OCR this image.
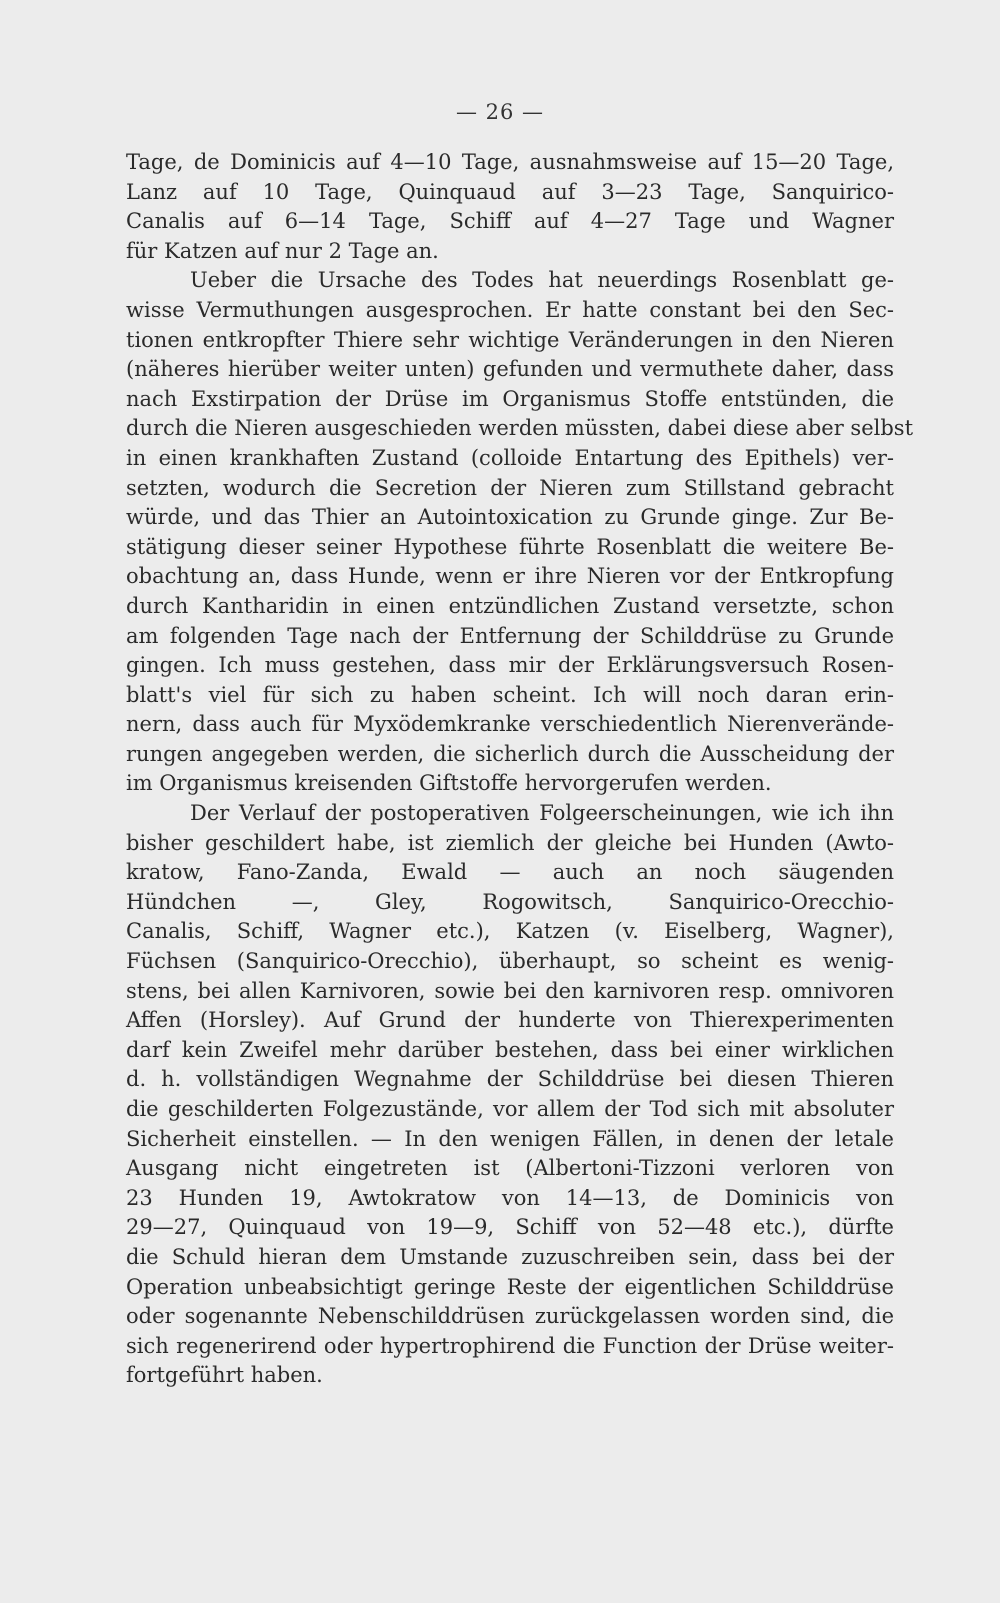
— 26 —
Tage, de Dominicis auf 4—10 Tage, ausnahmsweise auf 15—20 Tage,
Lanz auf 10 Tage, Quinquaud auf 3—23 Tage, Sanquirico-
Canalis auf 6—14 Tage, Schiff auf 4—27 Tage und Wagner
für Katzen auf nur 2 Tage an.
Ueber die Ursache des Todes hat neuerdings Rosenblatt ge-
wisse Vermuthungen ausgesprochen. Er hatte constant bei den Sec-
tionen entkropfter Thiere sehr wichtige Veränderungen in den Nieren
(näheres hierüber weiter unten) gefunden und vermuthete daher, dass
nach Exstirpation der Drüse im Organismus Stoffe entstünden, die
durch die Nieren ausgeschieden werden müssten, dabei diese aber selbst
in einen krankhaften Zustand (colloide Entartung des Epithels) ver-
setzten, wodurch die Secretion der Nieren zum Stillstand gebracht
würde, und das Thier an Autointoxication zu Grunde ginge. Zur Be-
stätigung dieser seiner Hypothese führte Rosenblatt die weitere Be-
obachtung an, dass Hunde, wenn er ihre Nieren vor der Entkropfung
durch Kantharidin in einen entzündlichen Zustand versetzte, schon
am folgenden Tage nach der Entfernung der Schilddrüse zu Grunde
gingen. Ich muss gestehen, dass mir der Erklärungsversuch Rosen-
blatt's viel für sich zu haben scheint. Ich will noch daran erin-
nern, dass auch für Myxödemkranke verschiedentlich Nierenverände-
rungen angegeben werden, die sicherlich durch die Ausscheidung der
im Organismus kreisenden Giftstoffe hervorgerufen werden.
Der Verlauf der postoperativen Folgeerscheinungen, wie ich ihn
bisher geschildert habe, ist ziemlich der gleiche bei Hunden (Awto-
kratow, Fano-Zanda, Ewald — auch an noch säugenden
Hündchen —, Gley, Rogowitsch, Sanquirico-Orecchio-
Canalis, Schiff, Wagner etc.), Katzen (v. Eiselberg, Wagner),
Füchsen (Sanquirico-Orecchio), überhaupt, so scheint es wenig-
stens, bei allen Karnivoren, sowie bei den karnivoren resp. omnivoren
Affen (Horsley). Auf Grund der hunderte von Thierexperimenten
darf kein Zweifel mehr darüber bestehen, dass bei einer wirklichen
d. h. vollständigen Wegnahme der Schilddrüse bei diesen Thieren
die geschilderten Folgezustände, vor allem der Tod sich mit absoluter
Sicherheit einstellen. — In den wenigen Fällen, in denen der letale
Ausgang nicht eingetreten ist (Albertoni-Tizzoni verloren von
23 Hunden 19, Awtokratow von 14—13, de Dominicis von
29—27, Quinquaud von 19—9, Schiff von 52—48 etc.), dürfte
die Schuld hieran dem Umstande zuzuschreiben sein, dass bei der
Operation unbeabsichtigt geringe Reste der eigentlichen Schilddrüse
oder sogenannte Nebenschilddrüsen zurückgelassen worden sind, die
sich regenerirend oder hypertrophirend die Function der Drüse weiter-
fortgeführt haben.
